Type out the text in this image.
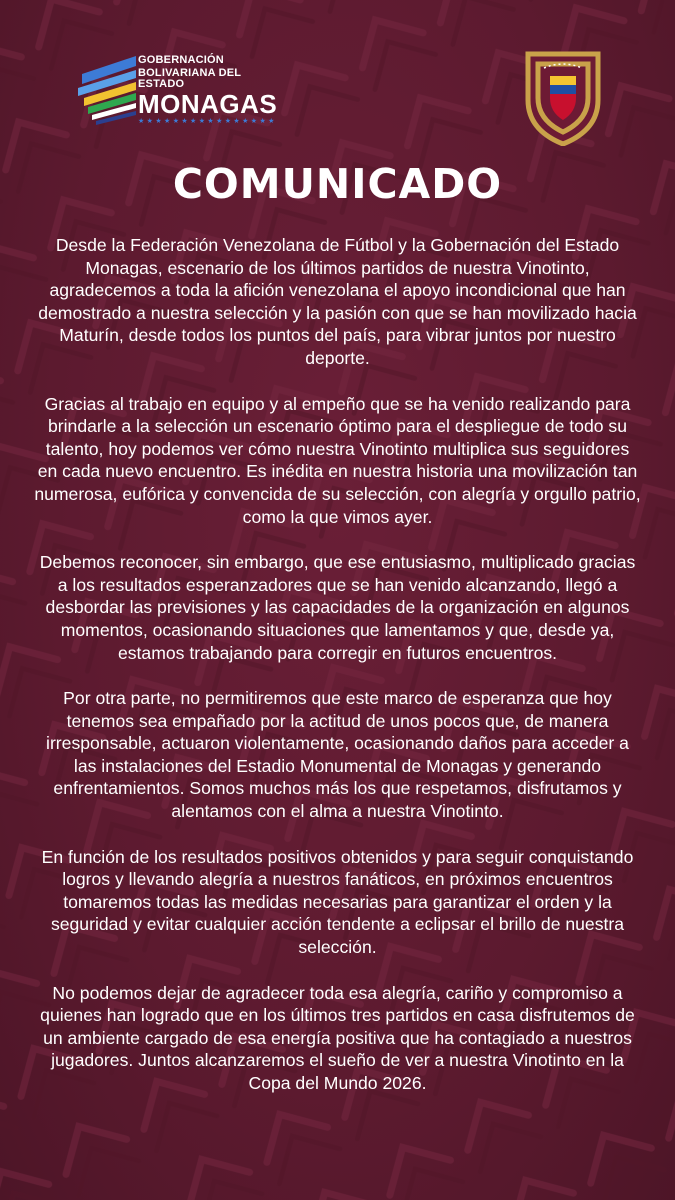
GOBERNACIÓN
BOLIVARIANA DEL ESTADO
MONAGAS
★★★★★★★★★★★★★★★★
COMUNICADO

Desde la Federación Venezolana de Fútbol y la Gobernación del Estado Monagas, escenario de los últimos partidos de nuestra Vinotinto, agradecemos a toda la afición venezolana el apoyo incondicional que han demostrado a nuestra selección y la pasión con que se han movilizado hacia Maturín, desde todos los puntos del país, para vibrar juntos por nuestro deporte.

Gracias al trabajo en equipo y al empeño que se ha venido realizando para brindarle a la selección un escenario óptimo para el despliegue de todo su talento, hoy podemos ver cómo nuestra Vinotinto multiplica sus seguidores en cada nuevo encuentro. Es inédita en nuestra historia una movilización tan numerosa, eufórica y convencida de su selección, con alegría y orgullo patrio, como la que vimos ayer.

Debemos reconocer, sin embargo, que ese entusiasmo, multiplicado gracias a los resultados esperanzadores que se han venido alcanzando, llegó a desbordar las previsiones y las capacidades de la organización en algunos momentos, ocasionando situaciones que lamentamos y que, desde ya, estamos trabajando para corregir en futuros encuentros.

Por otra parte, no permitiremos que este marco de esperanza que hoy tenemos sea empañado por la actitud de unos pocos que, de manera irresponsable, actuaron violentamente, ocasionando daños para acceder a las instalaciones del Estadio Monumental de Monagas y generando enfrentamientos. Somos muchos más los que respetamos, disfrutamos y alentamos con el alma a nuestra Vinotinto.

En función de los resultados positivos obtenidos y para seguir conquistando logros y llevando alegría a nuestros fanáticos, en próximos encuentros tomaremos todas las medidas necesarias para garantizar el orden y la seguridad y evitar cualquier acción tendente a eclipsar el brillo de nuestra selección.

No podemos dejar de agradecer toda esa alegría, cariño y compromiso a quienes han logrado que en los últimos tres partidos en casa disfrutemos de un ambiente cargado de esa energía positiva que ha contagiado a nuestros jugadores. Juntos alcanzaremos el sueño de ver a nuestra Vinotinto en la Copa del Mundo 2026.
